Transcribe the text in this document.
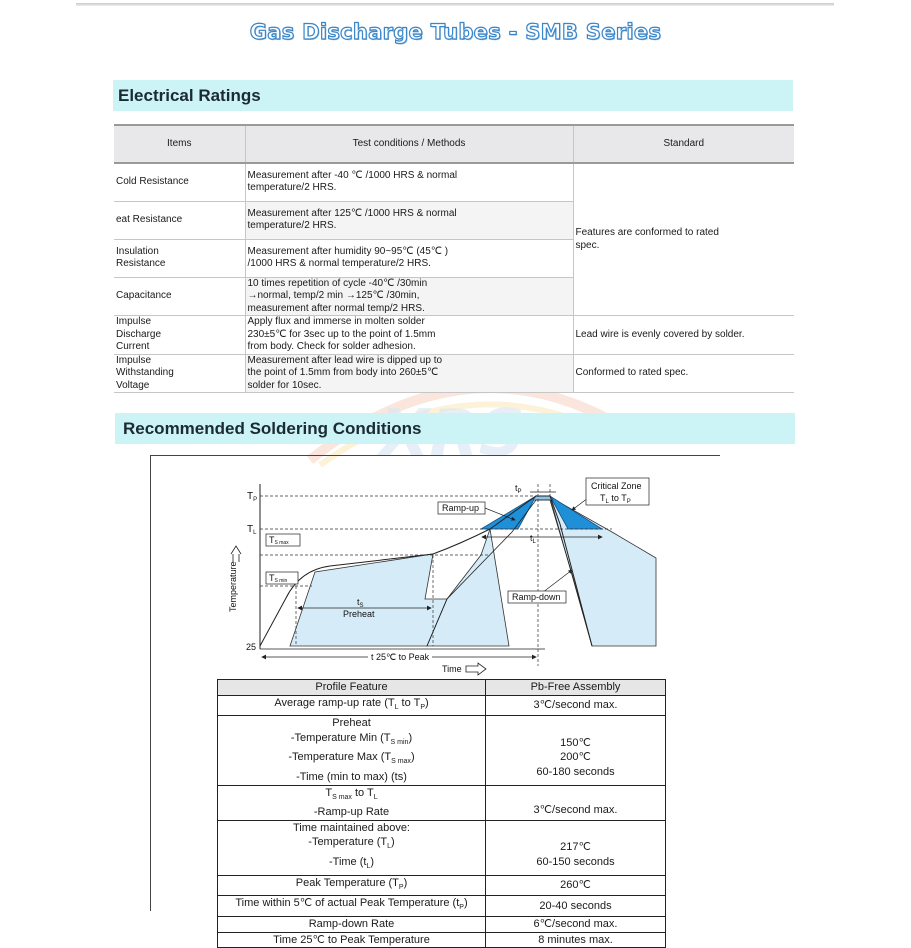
Gas Discharge Tubes - SMB Series
Electrical Ratings
Items	Test conditions / Methods	Standard
Cold Resistance	Measurement after -40 ℃ /1000 HRS & normal
temperature/2 HRS.	Features are conformed to rated
spec.
eat Resistance	Measurement after 125℃ /1000 HRS & normal
temperature/2 HRS.	
Insulation
Resistance	Measurement after humidity 90~95℃ (45℃ )
/1000 HRS & normal temperature/2 HRS.	
Capacitance	10 times repetition of cycle -40℃ /30min
→normal, temp/2 min →125℃ /30min,
measurement after normal temp/2 HRS.	
Impulse
Discharge
Current	Apply flux and immerse in molten solder
230±5℃ for 3sec up to the point of 1.5mm
from body. Check for solder adhesion.	Lead wire is evenly covered by solder.
Impulse
Withstanding
Voltage	Measurement after lead wire is dipped up to
the point of 1.5mm from body into 260±5℃
solder for 10sec.	Conformed to rated spec.
Recommended Soldering Conditions
$T_P$
$T_L$
TS max
TS min
25
Temperature
Time
Ramp-up
Ramp-down
Critical Zone
$T_L$ to $T_P$
$t_P$
$t_L$
$t_S$
Preheat
t 25℃ to Peak
Profile Feature	Pb-Free Assembly
Average ramp-up rate ($T_L$ to $T_P$)	3℃/second max.
Preheat
-Temperature Min $(T_{S min})$
-Temperature Max $(T_{S max})$
-Time (min to max) (ts)	150℃
200℃
60-180 seconds
$T_{S max}$ to $T_L$
-Ramp-up Rate	3℃/second max.
Time maintained above:
-Temperature $(T_L)$
-Time $(t_L)$	217℃
60-150 seconds
Peak Temperature $(T_P)$	260℃
Time within 5℃ of actual Peak Temperature $(t_P)$	20-40 seconds
Ramp-down Rate	6℃/second max.
Time 25℃ to Peak Temperature	8 minutes max.
